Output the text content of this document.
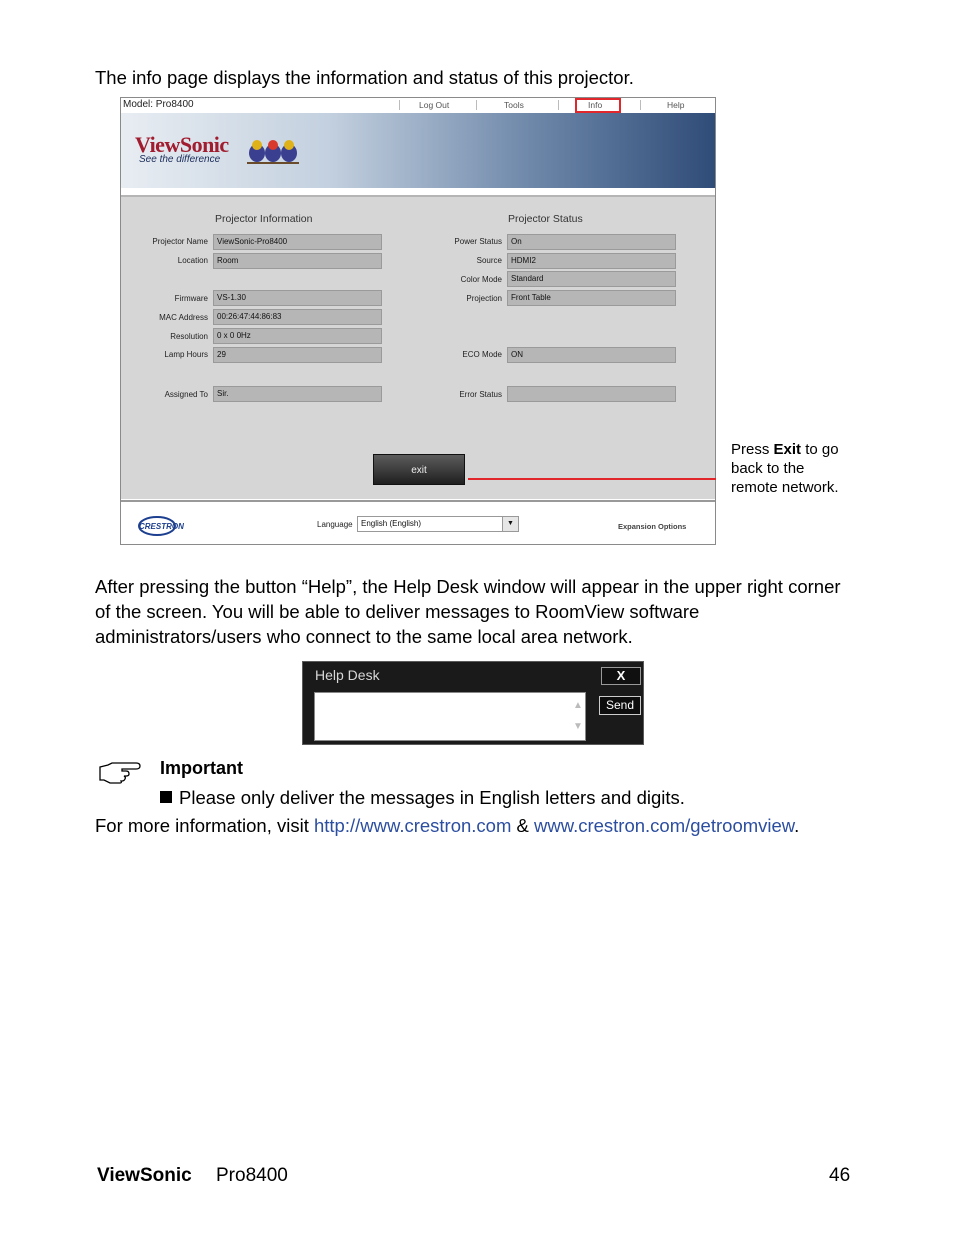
The info page displays the information and status of this projector.
Model: Pro8400	Log Out	Tools	Info	Help
ViewSonic
See the difference
Projector Information	Projector Status
Projector Name	ViewSonic-Pro8400
Location	Room
Firmware	VS-1.30
MAC Address	00:26:47:44:86:83
Resolution	0 x 0 0Hz
Lamp Hours	29
Assigned To	Sir.
Power Status	On
Source	HDMI2
Color Mode	Standard
Projection	Front Table
ECO Mode	ON
Error Status
exit
CRESTRON	Language	English (English)	▼	Expansion Options
Press Exit to go back to the remote network.
After pressing the button “Help”, the Help Desk window will appear in the upper right corner of the screen. You will be able to deliver messages to RoomView software administrators/users who connect to the same local area network.
Help Desk	X
▲
▼
Send
Important
Please only deliver the messages in English letters and digits.
For more information, visit http://www.crestron.com & www.crestron.com/getroomview.
ViewSonic Pro8400	46
